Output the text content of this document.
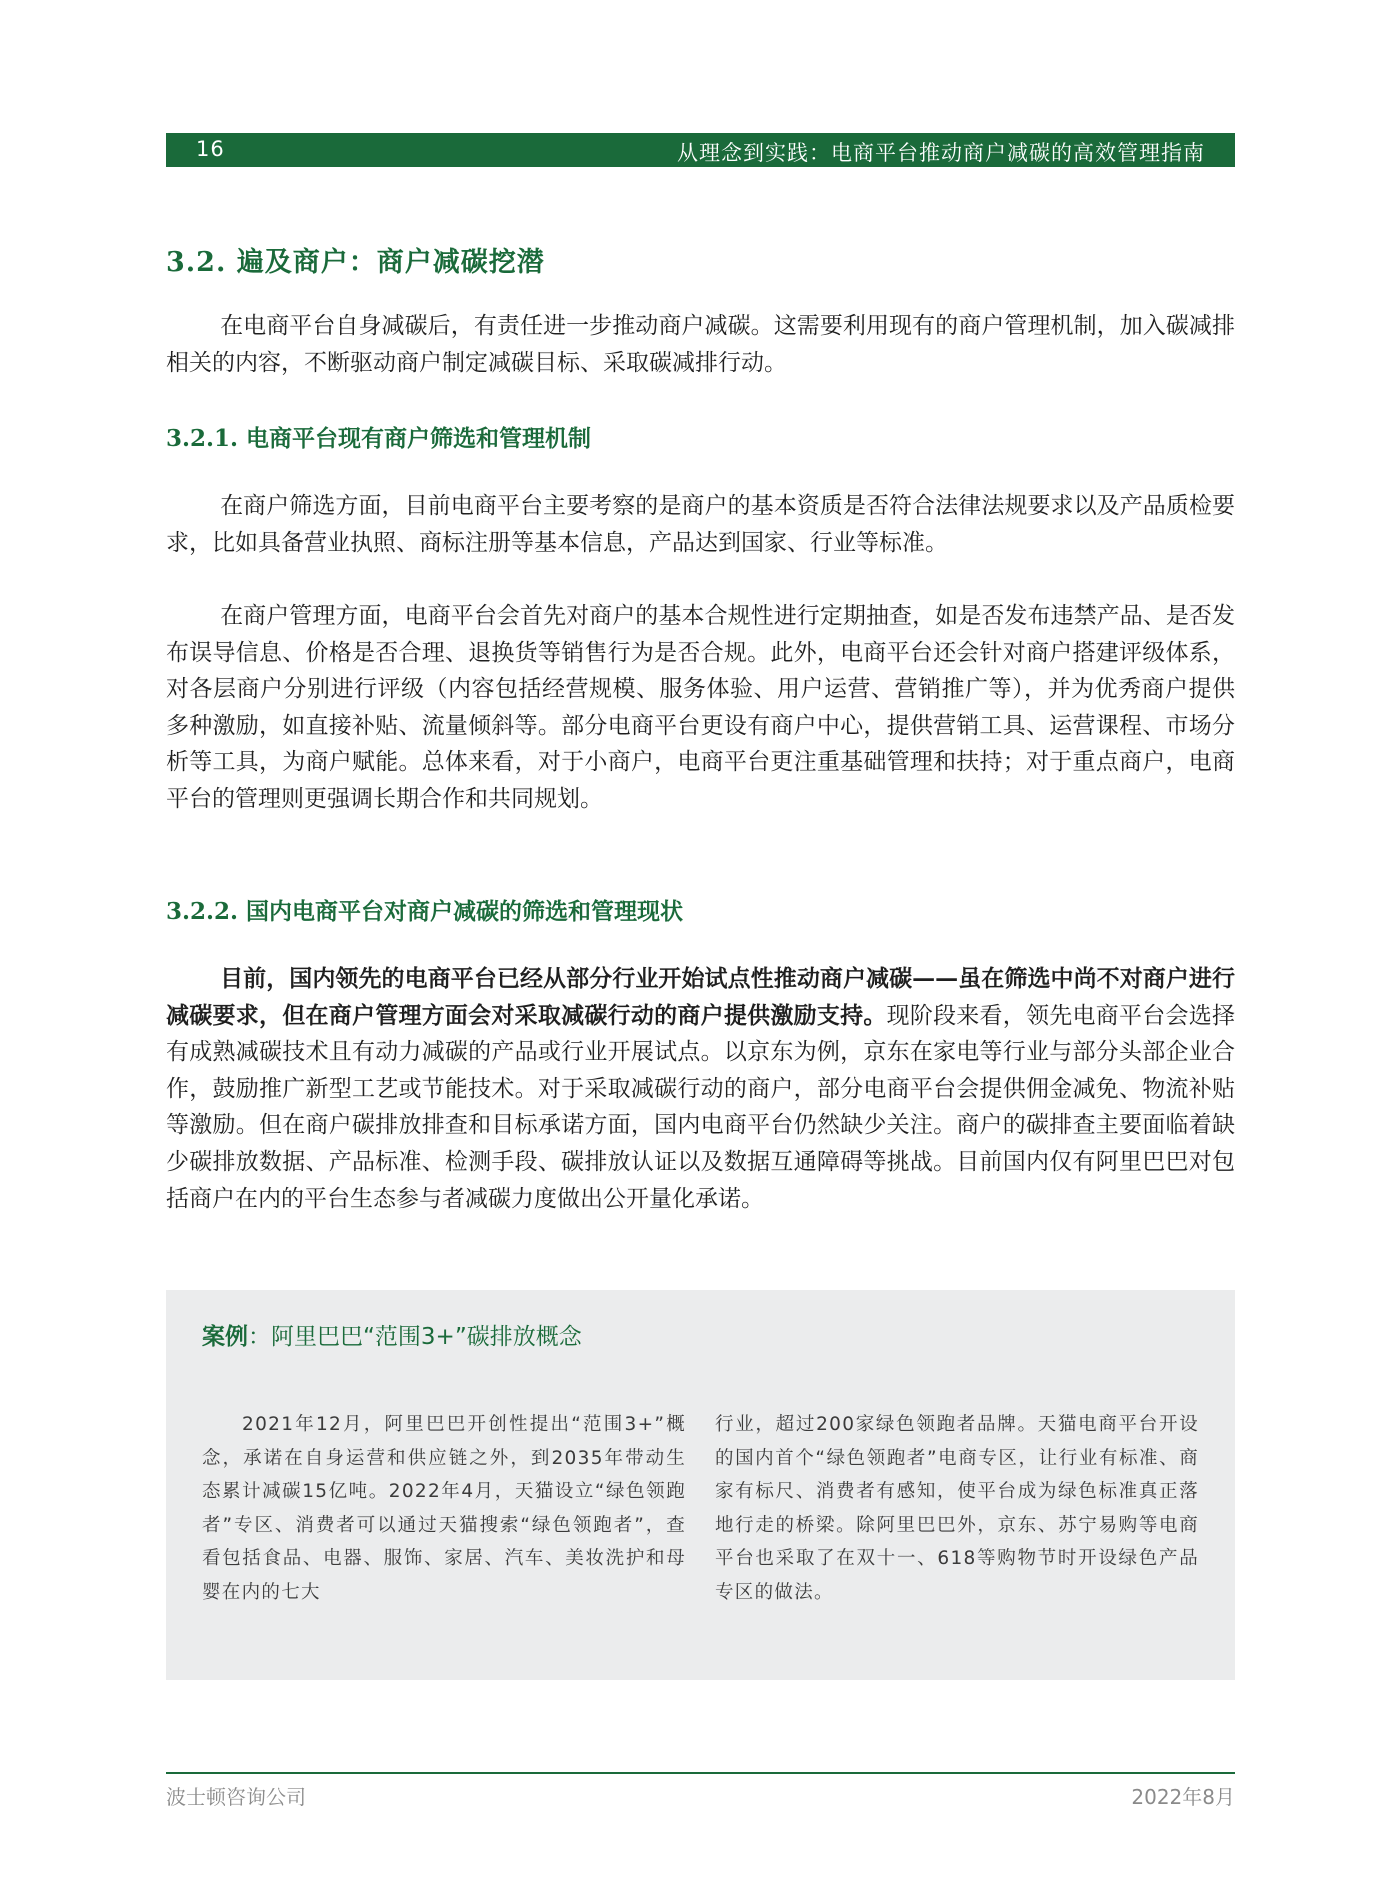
16	从理念到实践：电商平台推动商户减碳的高效管理指南
3.2. 遍及商户：商户减碳挖潜

在电商平台自身减碳后，有责任进一步推动商户减碳。这需要利用现有的商户管理机制，加入碳减排相关的内容，不断驱动商户制定减碳目标、采取碳减排行动。

3.2.1. 电商平台现有商户筛选和管理机制

在商户筛选方面，目前电商平台主要考察的是商户的基本资质是否符合法律法规要求以及产品质检要求，比如具备营业执照、商标注册等基本信息，产品达到国家、行业等标准。

在商户管理方面，电商平台会首先对商户的基本合规性进行定期抽查，如是否发布违禁产品、是否发布误导信息、价格是否合理、退换货等销售行为是否合规。此外，电商平台还会针对商户搭建评级体系，对各层商户分别进行评级（内容包括经营规模、服务体验、用户运营、营销推广等），并为优秀商户提供多种激励，如直接补贴、流量倾斜等。部分电商平台更设有商户中心，提供营销工具、运营课程、市场分析等工具，为商户赋能。总体来看，对于小商户，电商平台更注重基础管理和扶持；对于重点商户，电商平台的管理则更强调长期合作和共同规划。

3.2.2. 国内电商平台对商户减碳的筛选和管理现状

目前，国内领先的电商平台已经从部分行业开始试点性推动商户减碳——虽在筛选中尚不对商户进行减碳要求，但在商户管理方面会对采取减碳行动的商户提供激励支持。现阶段来看，领先电商平台会选择有成熟减碳技术且有动力减碳的产品或行业开展试点。以京东为例，京东在家电等行业与部分头部企业合作，鼓励推广新型工艺或节能技术。对于采取减碳行动的商户，部分电商平台会提供佣金减免、物流补贴等激励。但在商户碳排放排查和目标承诺方面，国内电商平台仍然缺少关注。商户的碳排查主要面临着缺少碳排放数据、产品标准、检测手段、碳排放认证以及数据互通障碍等挑战。目前国内仅有阿里巴巴对包括商户在内的平台生态参与者减碳力度做出公开量化承诺。

案例：阿里巴巴“范围3+”碳排放概念

2021年12月，阿里巴巴开创性提出“范围3+”概念，承诺在自身运营和供应链之外，到2035年带动生态累计减碳15亿吨。2022年4月，天猫设立“绿色领跑者”专区、消费者可以通过天猫搜索“绿色领跑者”，查看包括食品、电器、服饰、家居、汽车、美妆洗护和母婴在内的七大

行业，超过200家绿色领跑者品牌。天猫电商平台开设的国内首个“绿色领跑者”电商专区，让行业有标准、商家有标尺、消费者有感知，使平台成为绿色标准真正落地行走的桥梁。除阿里巴巴外，京东、苏宁易购等电商平台也采取了在双十一、618等购物节时开设绿色产品专区的做法。

波士顿咨询公司	2022年8月
